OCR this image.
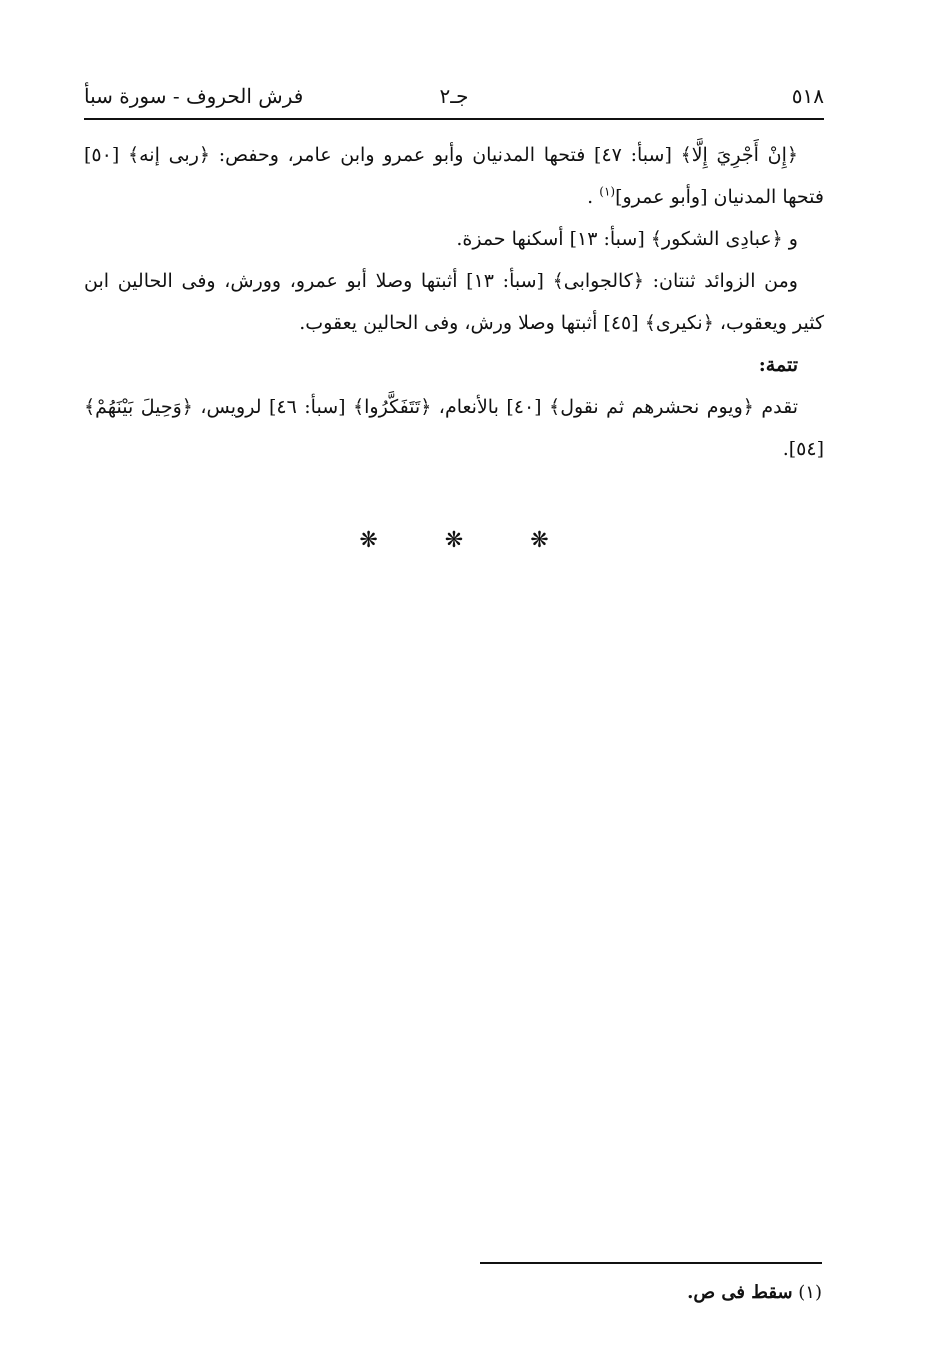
٥١٨
جـ٢
فرش الحروف - سورة سبأ

﴿إِنْ أَجْرِيَ إِلَّا﴾ [سبأ: ٤٧] فتحها المدنيان وأبو عمرو وابن عامر، وحفص: ﴿ربى إنه﴾ [٥٠] فتحها المدنيان [وأبو عمرو]$^{(١)}$ .

و ﴿عبادِى الشكور﴾ [سبأ: ١٣] أسكنها حمزة.

ومن الزوائد ثنتان: ﴿كالجوابى﴾ [سبأ: ١٣] أثبتها وصلا أبو عمرو، وورش، وفى الحالين ابن كثير ويعقوب، ﴿نكيرى﴾ [٤٥] أثبتها وصلا ورش، وفى الحالين يعقوب.

تتمة:

تقدم ﴿ويوم نحشرهم ثم نقول﴾ [٤٠] بالأنعام، ﴿تَتَفَكَّرُوا﴾ [سبأ: ٤٦] لرويس، ﴿وَحِيلَ بَيْنَهُمْ﴾ [٥٤].

❋ ❋ ❋
(١) سقط فى ص.
